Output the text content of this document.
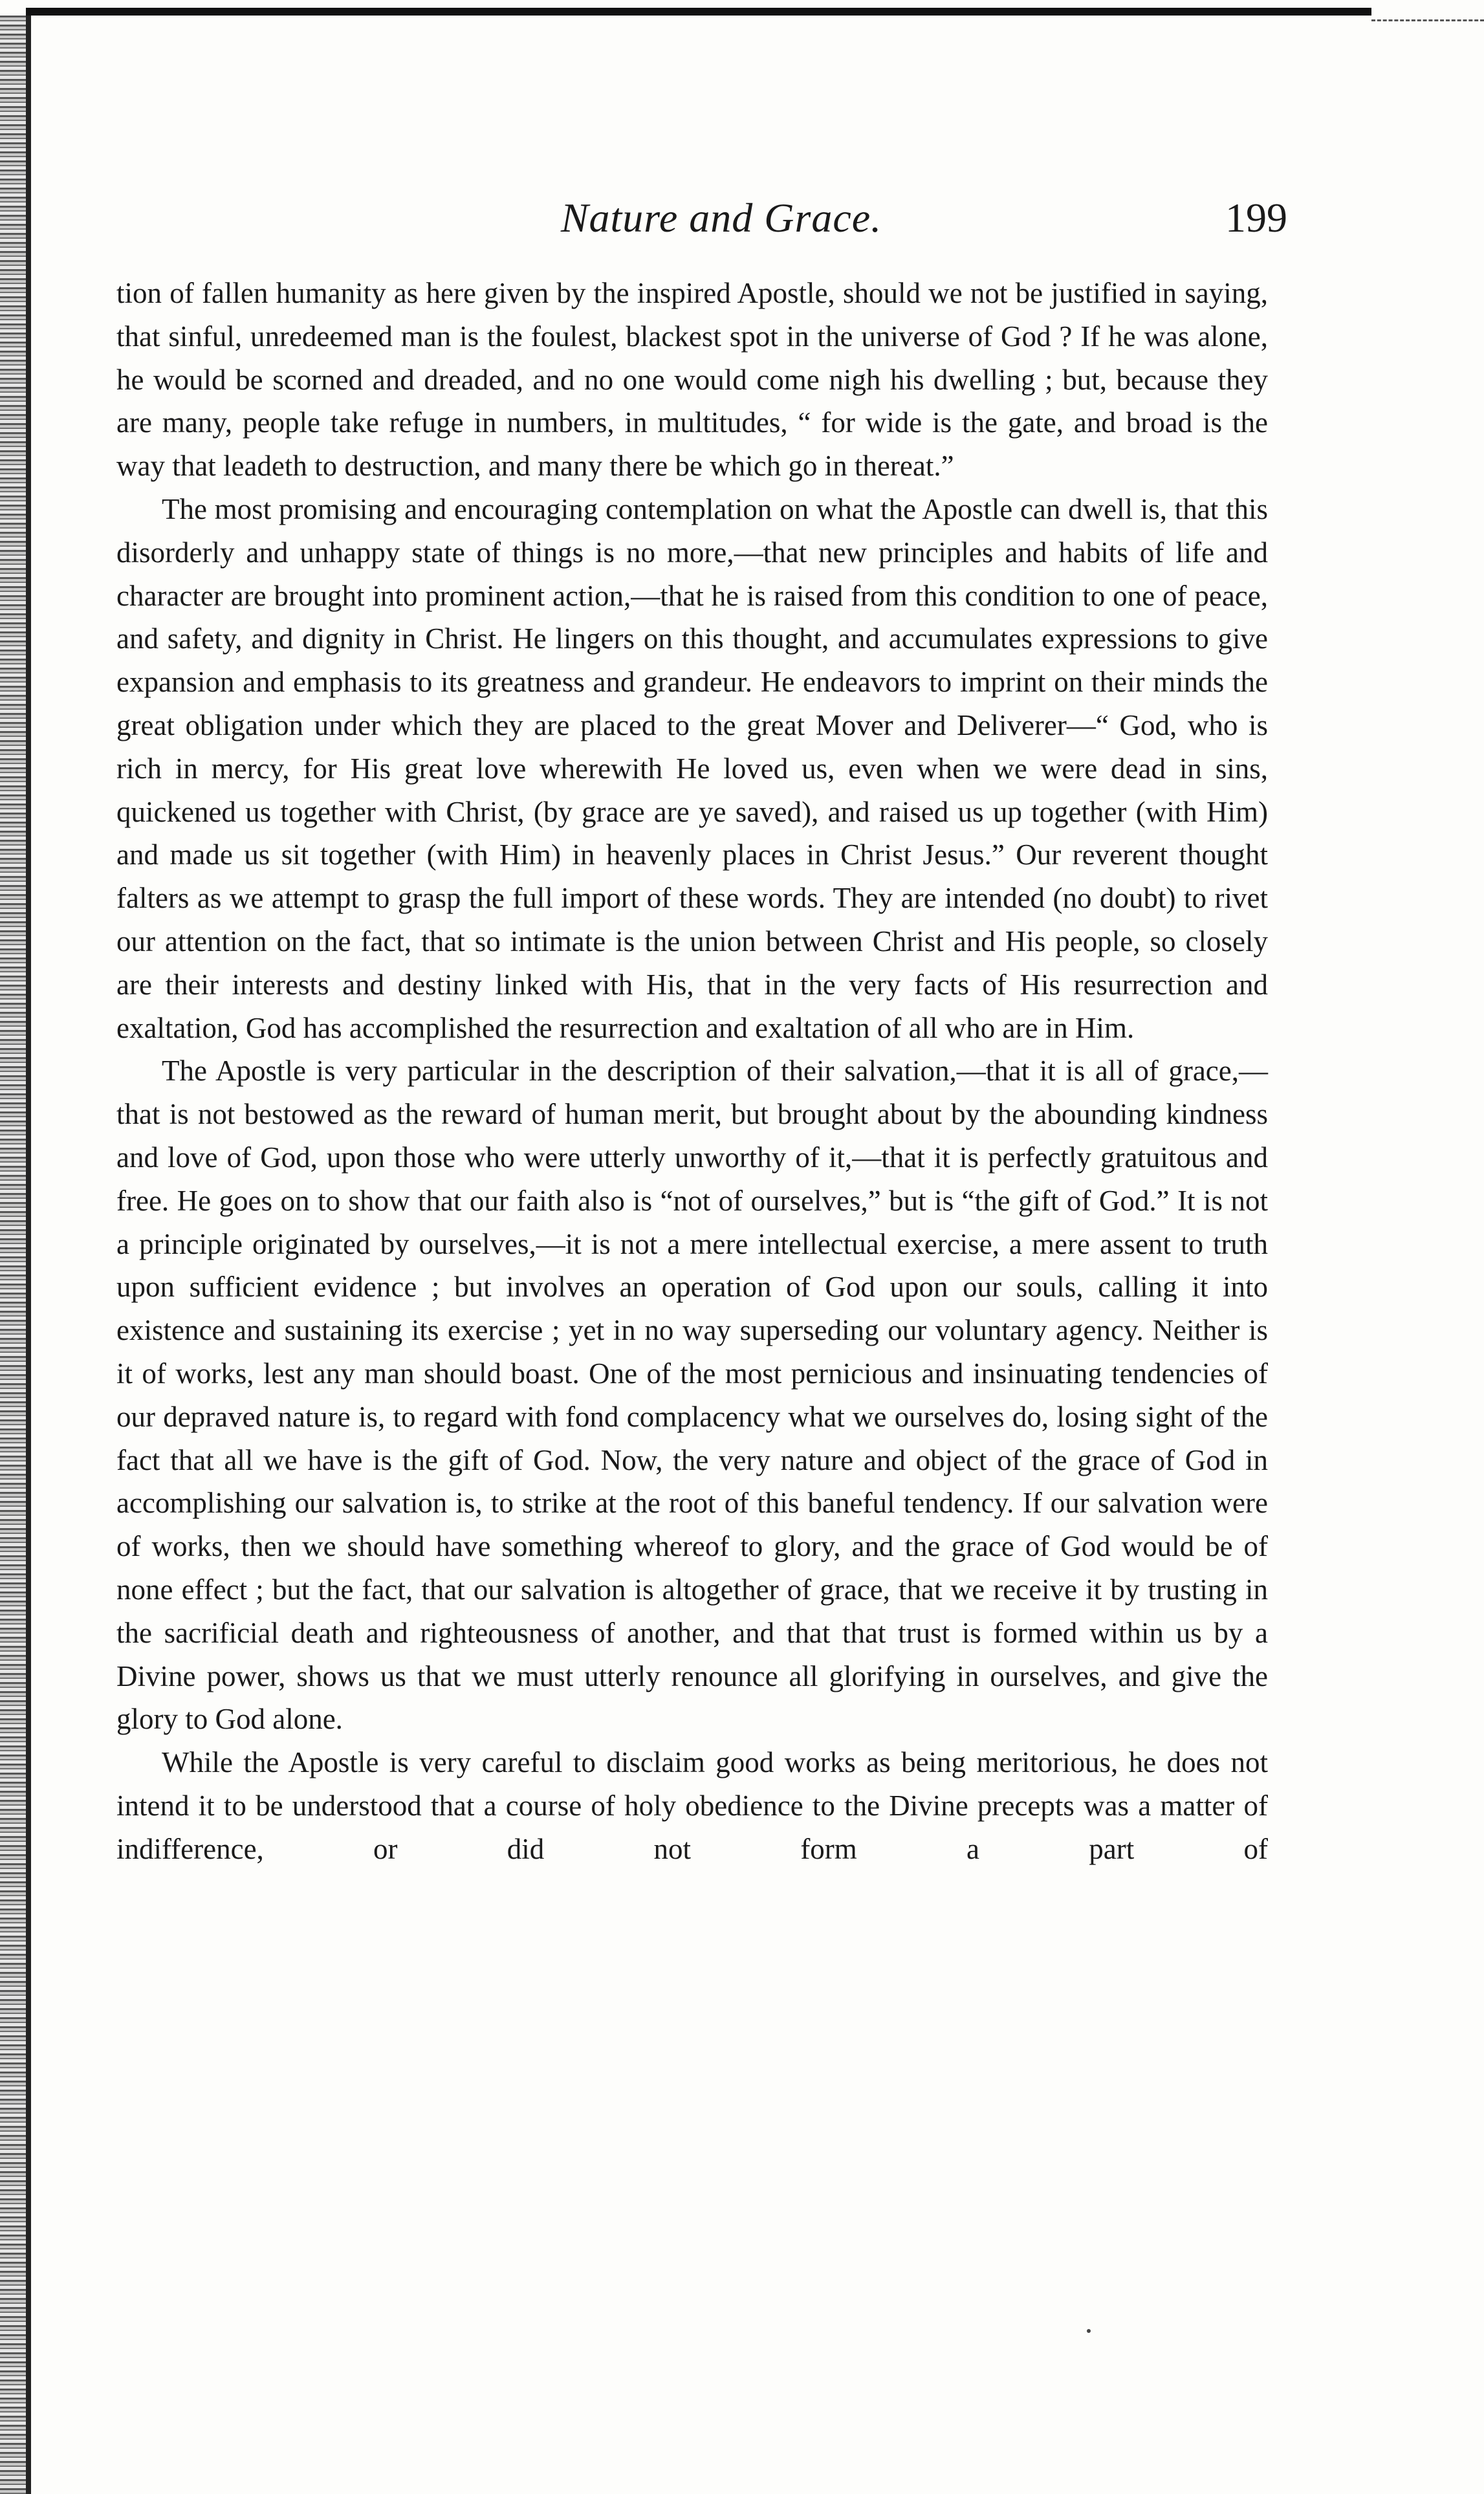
Nature and Grace.	199

tion of fallen humanity as here given by the inspired Apostle, should we not be justified in saying, that sinful, unredeemed man is the foulest, blackest spot in the universe of God ? If he was alone, he would be scorned and dreaded, and no one would come nigh his dwelling ; but, because they are many, people take refuge in numbers, in multitudes, “ for wide is the gate, and broad is the way that leadeth to destruction, and many there be which go in thereat.”

The most promising and encouraging contemplation on what the Apostle can dwell is, that this disorderly and unhappy state of things is no more,—that new principles and habits of life and character are brought into prominent action,—that he is raised from this condition to one of peace, and safety, and dignity in Christ. He lingers on this thought, and accumulates expressions to give expansion and emphasis to its greatness and grandeur. He endeavors to imprint on their minds the great obligation under which they are placed to the great Mover and Deliverer—“ God, who is rich in mercy, for His great love wherewith He loved us, even when we were dead in sins, quickened us together with Christ, (by grace are ye saved), and raised us up together (with Him) and made us sit together (with Him) in heavenly places in Christ Jesus.” Our reverent thought falters as we attempt to grasp the full import of these words. They are intended (no doubt) to rivet our attention on the fact, that so intimate is the union between Christ and His people, so closely are their interests and destiny linked with His, that in the very facts of His resurrection and exaltation, God has accomplished the resurrection and exaltation of all who are in Him.

The Apostle is very particular in the description of their salvation,—that it is all of grace,—that is not bestowed as the reward of human merit, but brought about by the abounding kindness and love of God, upon those who were utterly unworthy of it,—that it is perfectly gratuitous and free. He goes on to show that our faith also is “not of ourselves,” but is “the gift of God.” It is not a principle originated by ourselves,—it is not a mere intellectual exercise, a mere assent to truth upon sufficient evidence ; but involves an operation of God upon our souls, calling it into existence and sustaining its exercise ; yet in no way superseding our voluntary agency. Neither is it of works, lest any man should boast. One of the most pernicious and insinuating tendencies of our depraved nature is, to regard with fond complacency what we ourselves do, losing sight of the fact that all we have is the gift of God. Now, the very nature and object of the grace of God in accomplishing our salvation is, to strike at the root of this baneful tendency. If our salvation were of works, then we should have something whereof to glory, and the grace of God would be of none effect ; but the fact, that our salvation is altogether of grace, that we receive it by trusting in the sacrificial death and righteousness of another, and that that trust is formed within us by a Divine power, shows us that we must utterly renounce all glorifying in ourselves, and give the glory to God alone.

While the Apostle is very careful to disclaim good works as being meritorious, he does not intend it to be understood that a course of holy obedience to the Divine precepts was a matter of indifference, or did not form a part of
